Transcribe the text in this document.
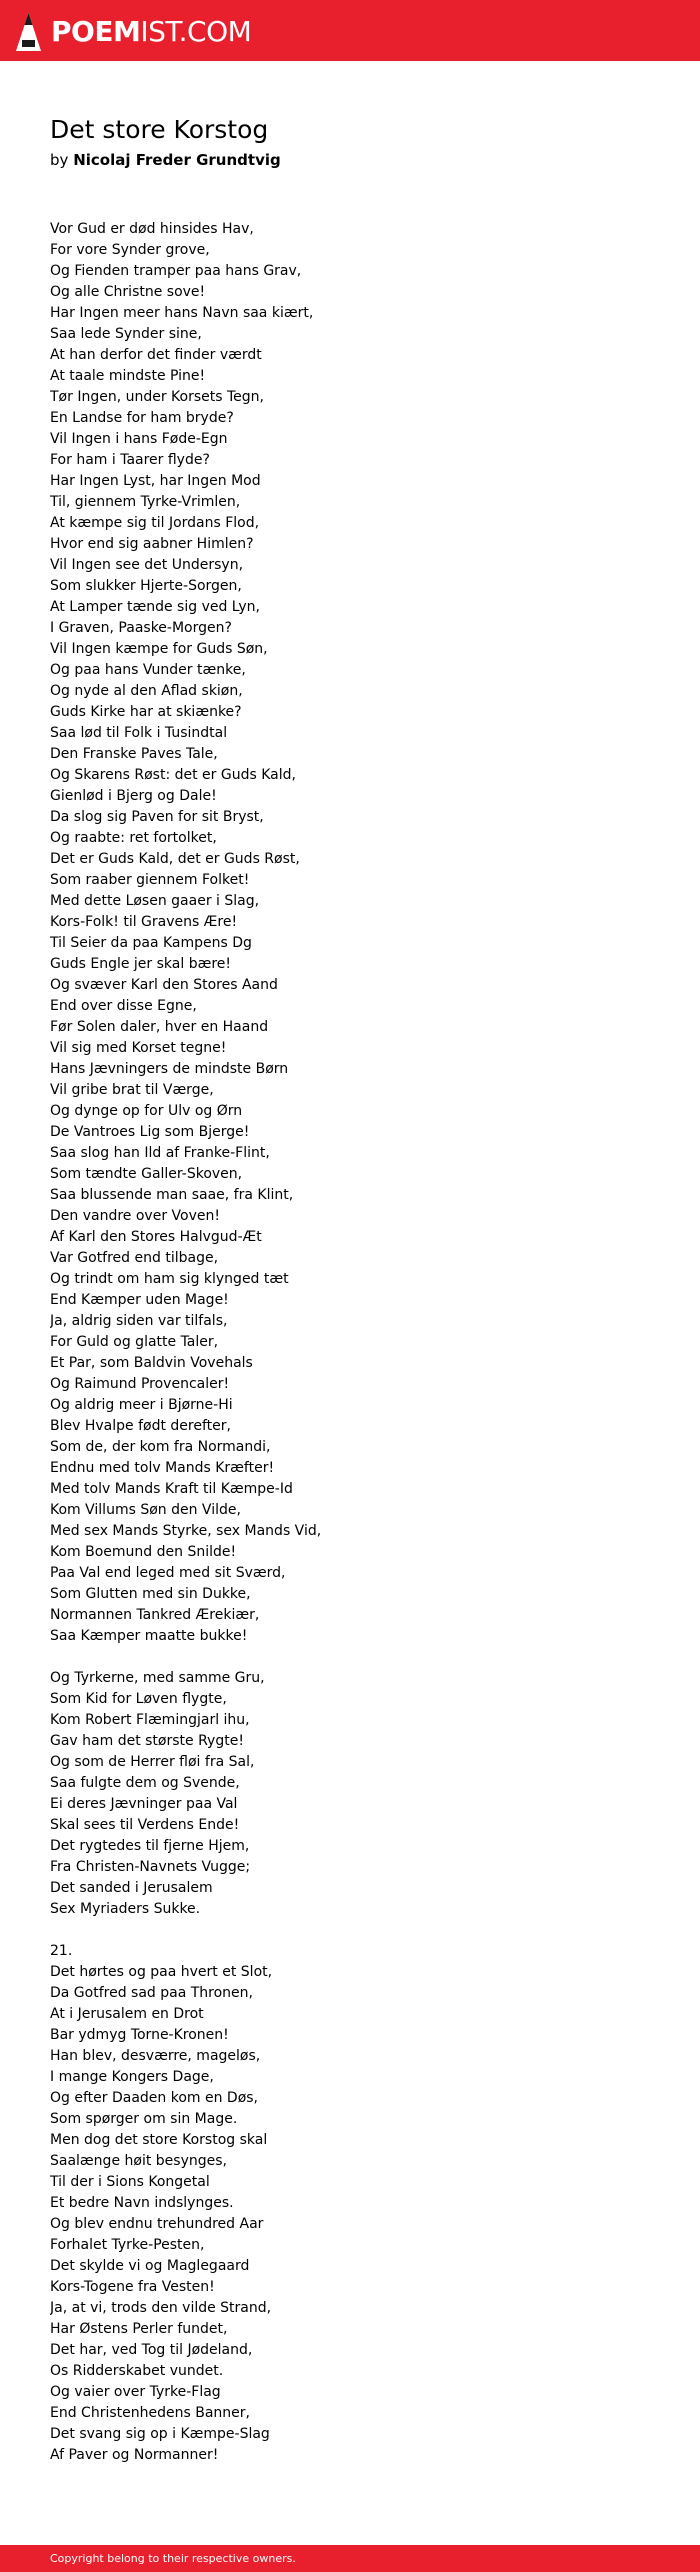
POEMIST.COM
Det store Korstog
by Nicolaj Freder Grundtvig
Vor Gud er død hinsides Hav,
For vore Synder grove,
Og Fienden tramper paa hans Grav,
Og alle Christne sove!
Har Ingen meer hans Navn saa kiært,
Saa lede Synder sine,
At han derfor det finder værdt
At taale mindste Pine!
Tør Ingen, under Korsets Tegn,
En Landse for ham bryde?
Vil Ingen i hans Føde-Egn
For ham i Taarer flyde?
Har Ingen Lyst, har Ingen Mod
Til, giennem Tyrke-Vrimlen,
At kæmpe sig til Jordans Flod,
Hvor end sig aabner Himlen?
Vil Ingen see det Undersyn,
Som slukker Hjerte-Sorgen,
At Lamper tænde sig ved Lyn,
I Graven, Paaske-Morgen?
Vil Ingen kæmpe for Guds Søn,
Og paa hans Vunder tænke,
Og nyde al den Aflad skiøn,
Guds Kirke har at skiænke?
Saa lød til Folk i Tusindtal
Den Franske Paves Tale,
Og Skarens Røst: det er Guds Kald,
Gienlød i Bjerg og Dale!
Da slog sig Paven for sit Bryst,
Og raabte: ret fortolket,
Det er Guds Kald, det er Guds Røst,
Som raaber giennem Folket!
Med dette Løsen gaaer i Slag,
Kors-Folk! til Gravens Ære!
Til Seier da paa Kampens Dg
Guds Engle jer skal bære!
Og svæver Karl den Stores Aand
End over disse Egne,
Før Solen daler, hver en Haand
Vil sig med Korset tegne!
Hans Jævningers de mindste Børn
Vil gribe brat til Værge,
Og dynge op for Ulv og Ørn
De Vantroes Lig som Bjerge!
Saa slog han Ild af Franke-Flint,
Som tændte Galler-Skoven,
Saa blussende man saae, fra Klint,
Den vandre over Voven!
Af Karl den Stores Halvgud-Æt
Var Gotfred end tilbage,
Og trindt om ham sig klynged tæt
End Kæmper uden Mage!
Ja, aldrig siden var tilfals,
For Guld og glatte Taler,
Et Par, som Baldvin Vovehals
Og Raimund Provencaler!
Og aldrig meer i Bjørne-Hi
Blev Hvalpe født derefter,
Som de, der kom fra Normandi,
Endnu med tolv Mands Kræfter!
Med tolv Mands Kraft til Kæmpe-Id
Kom Villums Søn den Vilde,
Med sex Mands Styrke, sex Mands Vid,
Kom Boemund den Snilde!
Paa Val end leged med sit Sværd,
Som Glutten med sin Dukke,
Normannen Tankred Ærekiær,
Saa Kæmper maatte bukke!
Og Tyrkerne, med samme Gru,
Som Kid for Løven flygte,
Kom Robert Flæmingjarl ihu,
Gav ham det største Rygte!
Og som de Herrer fløi fra Sal,
Saa fulgte dem og Svende,
Ei deres Jævninger paa Val
Skal sees til Verdens Ende!
Det rygtedes til fjerne Hjem,
Fra Christen-Navnets Vugge;
Det sanded i Jerusalem
Sex Myriaders Sukke.
21.
Det hørtes og paa hvert et Slot,
Da Gotfred sad paa Thronen,
At i Jerusalem en Drot
Bar ydmyg Torne-Kronen!
Han blev, desværre, mageløs,
I mange Kongers Dage,
Og efter Daaden kom en Døs,
Som spørger om sin Mage.
Men dog det store Korstog skal
Saalænge høit besynges,
Til der i Sions Kongetal
Et bedre Navn indslynges.
Og blev endnu trehundred Aar
Forhalet Tyrke-Pesten,
Det skylde vi og Maglegaard
Kors-Togene fra Vesten!
Ja, at vi, trods den vilde Strand,
Har Østens Perler fundet,
Det har, ved Tog til Jødeland,
Os Ridderskabet vundet.
Og vaier over Tyrke-Flag
End Christenhedens Banner,
Det svang sig op i Kæmpe-Slag
Af Paver og Normanner!
Copyright belong to their respective owners.
